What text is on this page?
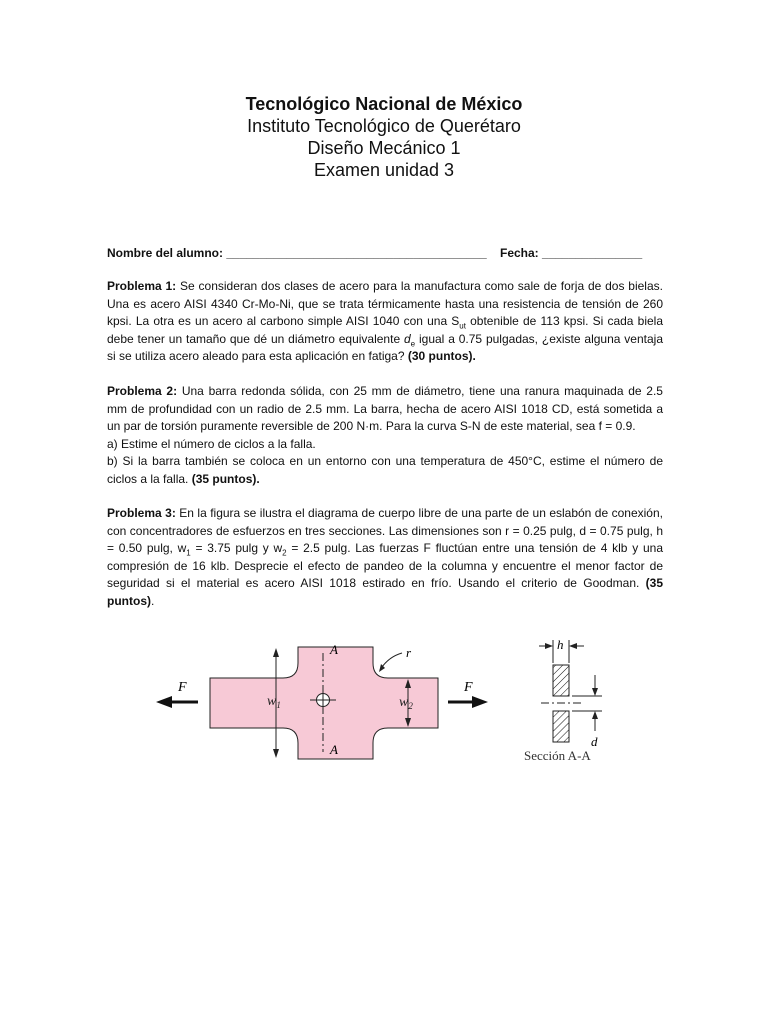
Tecnológico Nacional de México
Instituto Tecnológico de Querétaro
Diseño Mecánico 1
Examen unidad 3
Nombre del alumno: _______________________________________ Fecha: _______________
Problema 1: Se consideran dos clases de acero para la manufactura como sale de forja de dos bielas. Una es acero AISI 4340 Cr-Mo-Ni, que se trata térmicamente hasta una resistencia de tensión de 260 kpsi. La otra es un acero al carbono simple AISI 1040 con una $S_{ut}$ obtenible de 113 kpsi. Si cada biela debe tener un tamaño que dé un diámetro equivalente $d_e$ igual a 0.75 pulgadas, ¿existe alguna ventaja si se utiliza acero aleado para esta aplicación en fatiga? (30 puntos).
Problema 2: Una barra redonda sólida, con 25 mm de diámetro, tiene una ranura maquinada de 2.5 mm de profundidad con un radio de 2.5 mm. La barra, hecha de acero AISI 1018 CD, está sometida a un par de torsión puramente reversible de 200 N·m. Para la curva S-N de este material, sea f = 0.9.
a) Estime el número de ciclos a la falla.
b) Si la barra también se coloca en un entorno con una temperatura de 450°C, estime el número de ciclos a la falla. (35 puntos).
Problema 3: En la figura se ilustra el diagrama de cuerpo libre de una parte de un eslabón de conexión, con concentradores de esfuerzos en tres secciones. Las dimensiones son r = 0.25 pulg, d = 0.75 pulg, h = 0.50 pulg, $w_1 = 3.75$ pulg y $w_2 = 2.5$ pulg. Las fuerzas F fluctúan entre una tensión de 4 klb y una compresión de 16 klb. Desprecie el efecto de pandeo de la columna y encuentre el menor factor de seguridad si el material es acero AISI 1018 estirado en frío. Usando el criterio de Goodman. (35 puntos).
A
A
$w_1$	$w_2$
r
F	F
h
d
Sección A-A
